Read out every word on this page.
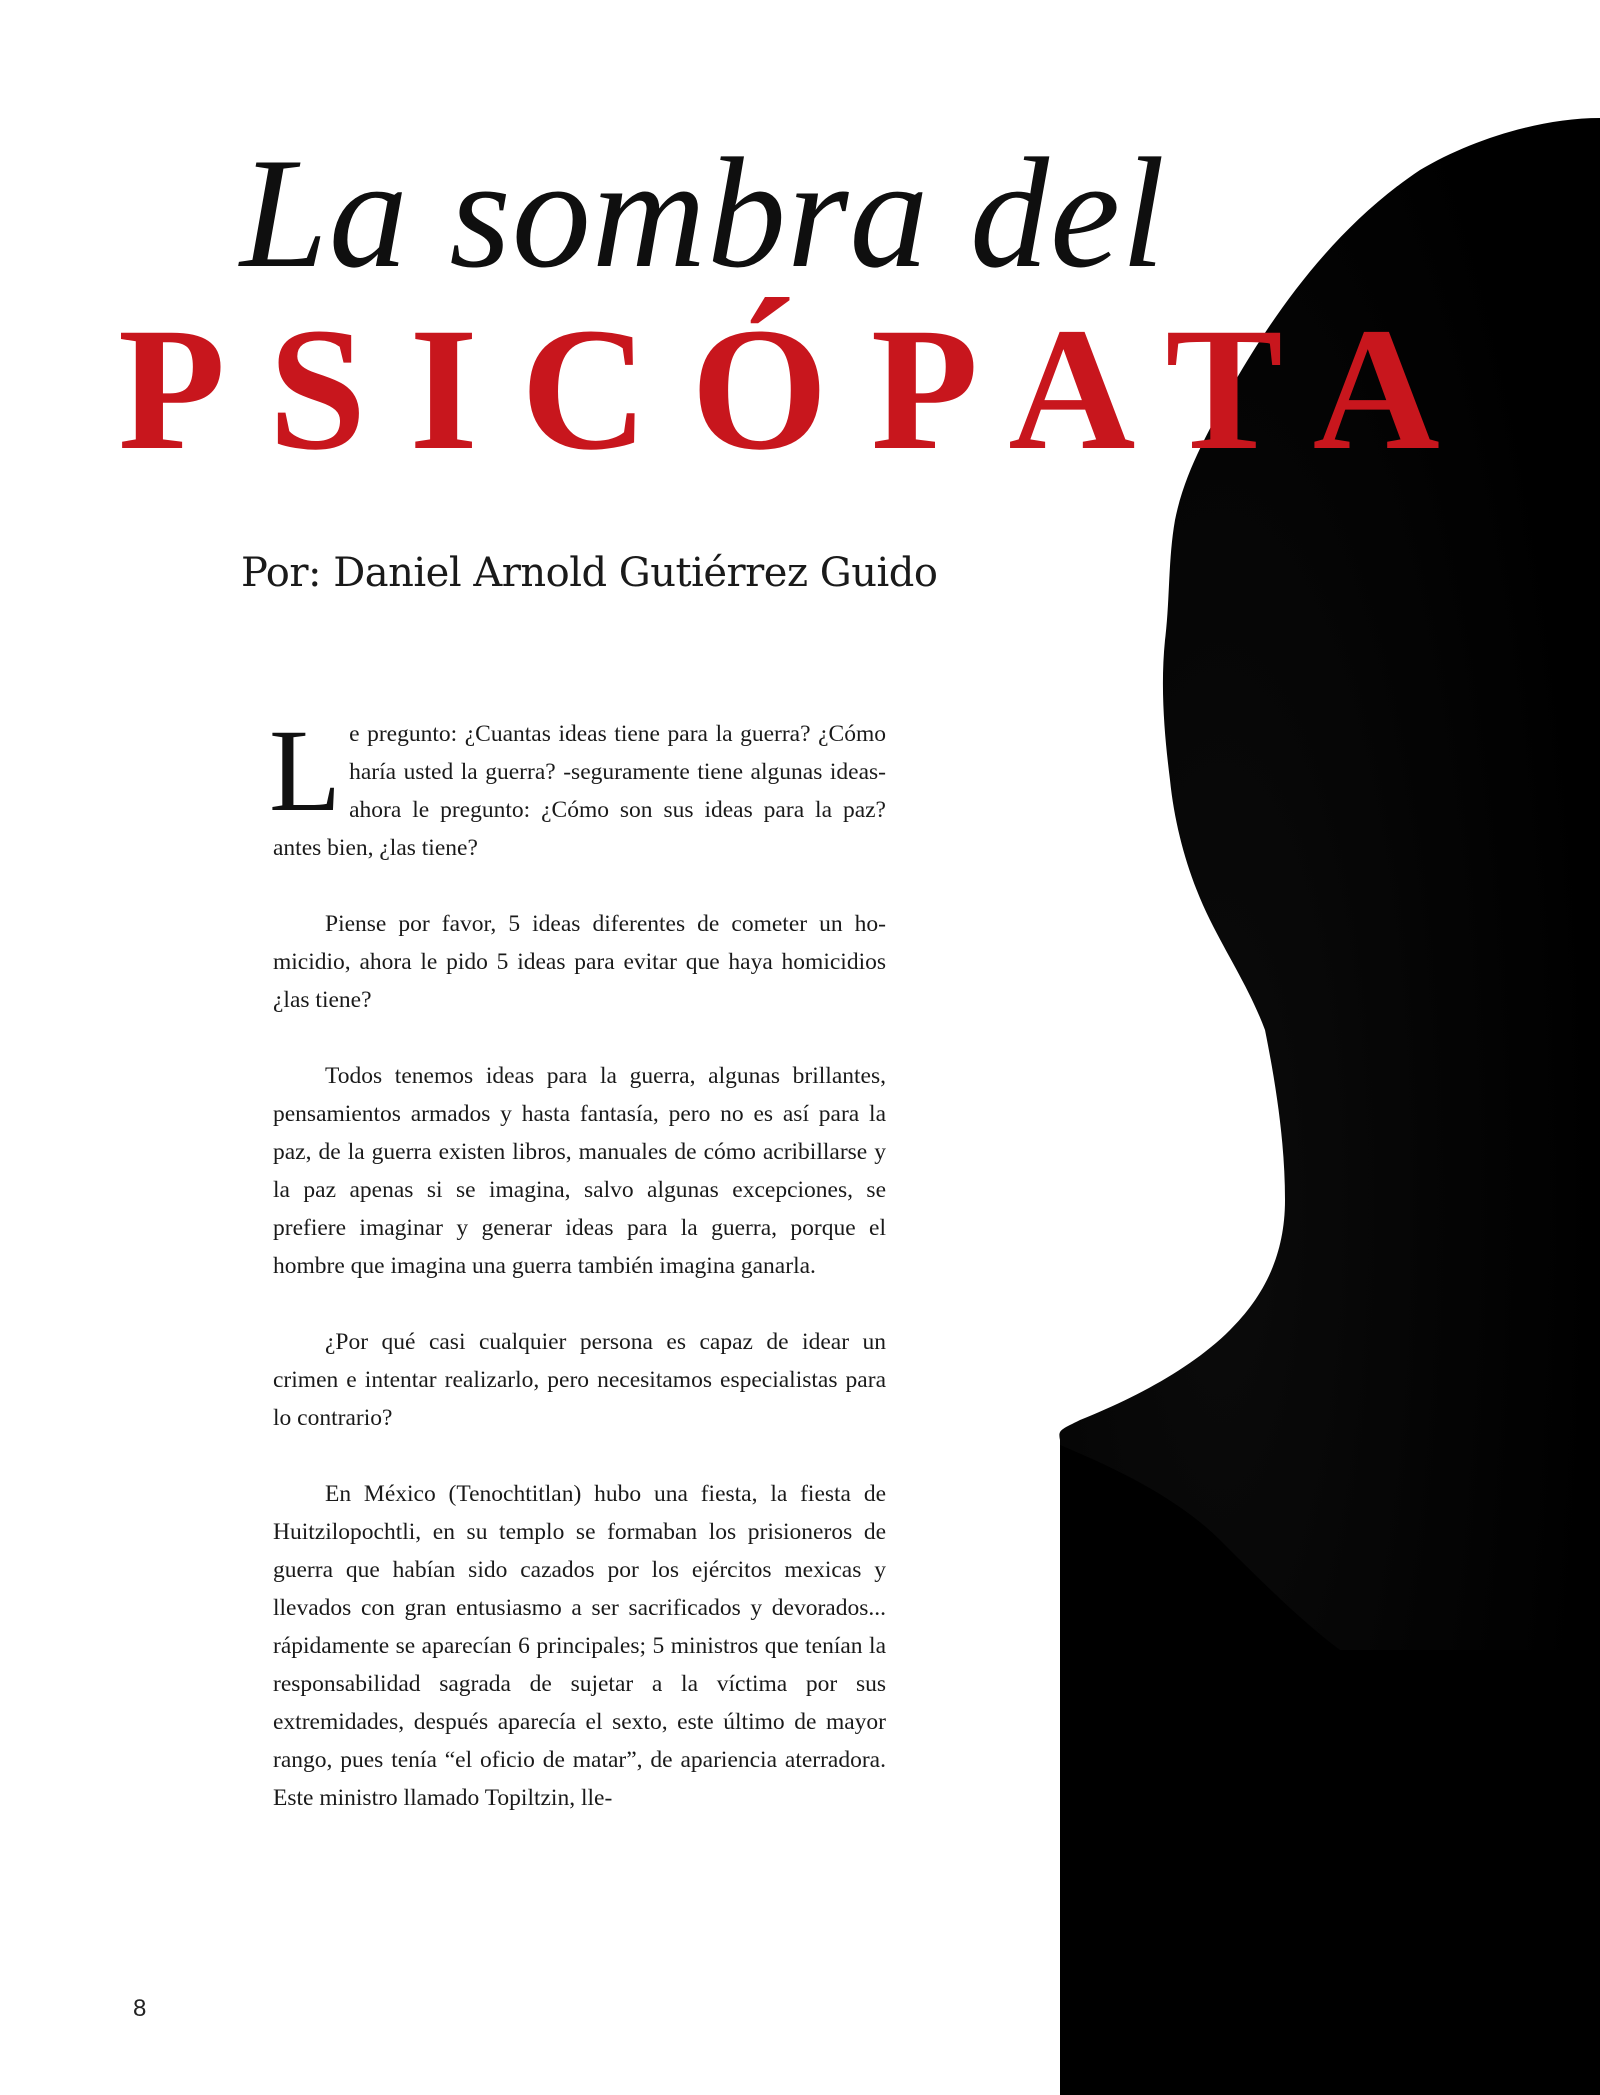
La sombra del
PSICÓPATA
Por: Daniel Arnold Gutiérrez Guido

Le pregunto: ¿Cuantas ideas tiene para la guerra? ¿Cómo haría usted la guerra? -seguramente tiene algunas ideas- ahora le pregunto: ¿Cómo son sus ideas para la paz? antes bien, ¿las tiene?

Piense por favor, 5 ideas diferentes de cometer un homicidio, ahora le pido 5 ideas para evitar que haya homicidios ¿las tiene?

Todos tenemos ideas para la guerra, algunas brillantes, pensamientos armados y hasta fantasía, pero no es así para la paz, de la guerra existen libros, manuales de cómo acribillarse y la paz apenas si se imagina, salvo algunas excepciones, se prefiere imaginar y generar ideas para la guerra, porque el hombre que imagina una guerra también imagina ganarla.

¿Por qué casi cualquier persona es capaz de idear un crimen e intentar realizarlo, pero necesitamos especialistas para lo contrario?

En México (Tenochtitlan) hubo una fiesta, la fiesta de Huitzilopochtli, en su templo se formaban los prisioneros de guerra que habían sido cazados por los ejércitos mexicas y llevados con gran entusiasmo a ser sacrificados y devorados... rápidamente se aparecían 6 principales; 5 ministros que tenían la responsabilidad sagrada de sujetar a la víctima por sus extremidades, después aparecía el sexto, este último de mayor rango, pues tenía “el oficio de matar”, de apariencia aterradora. Este ministro llamado Topiltzin, lle-

8
